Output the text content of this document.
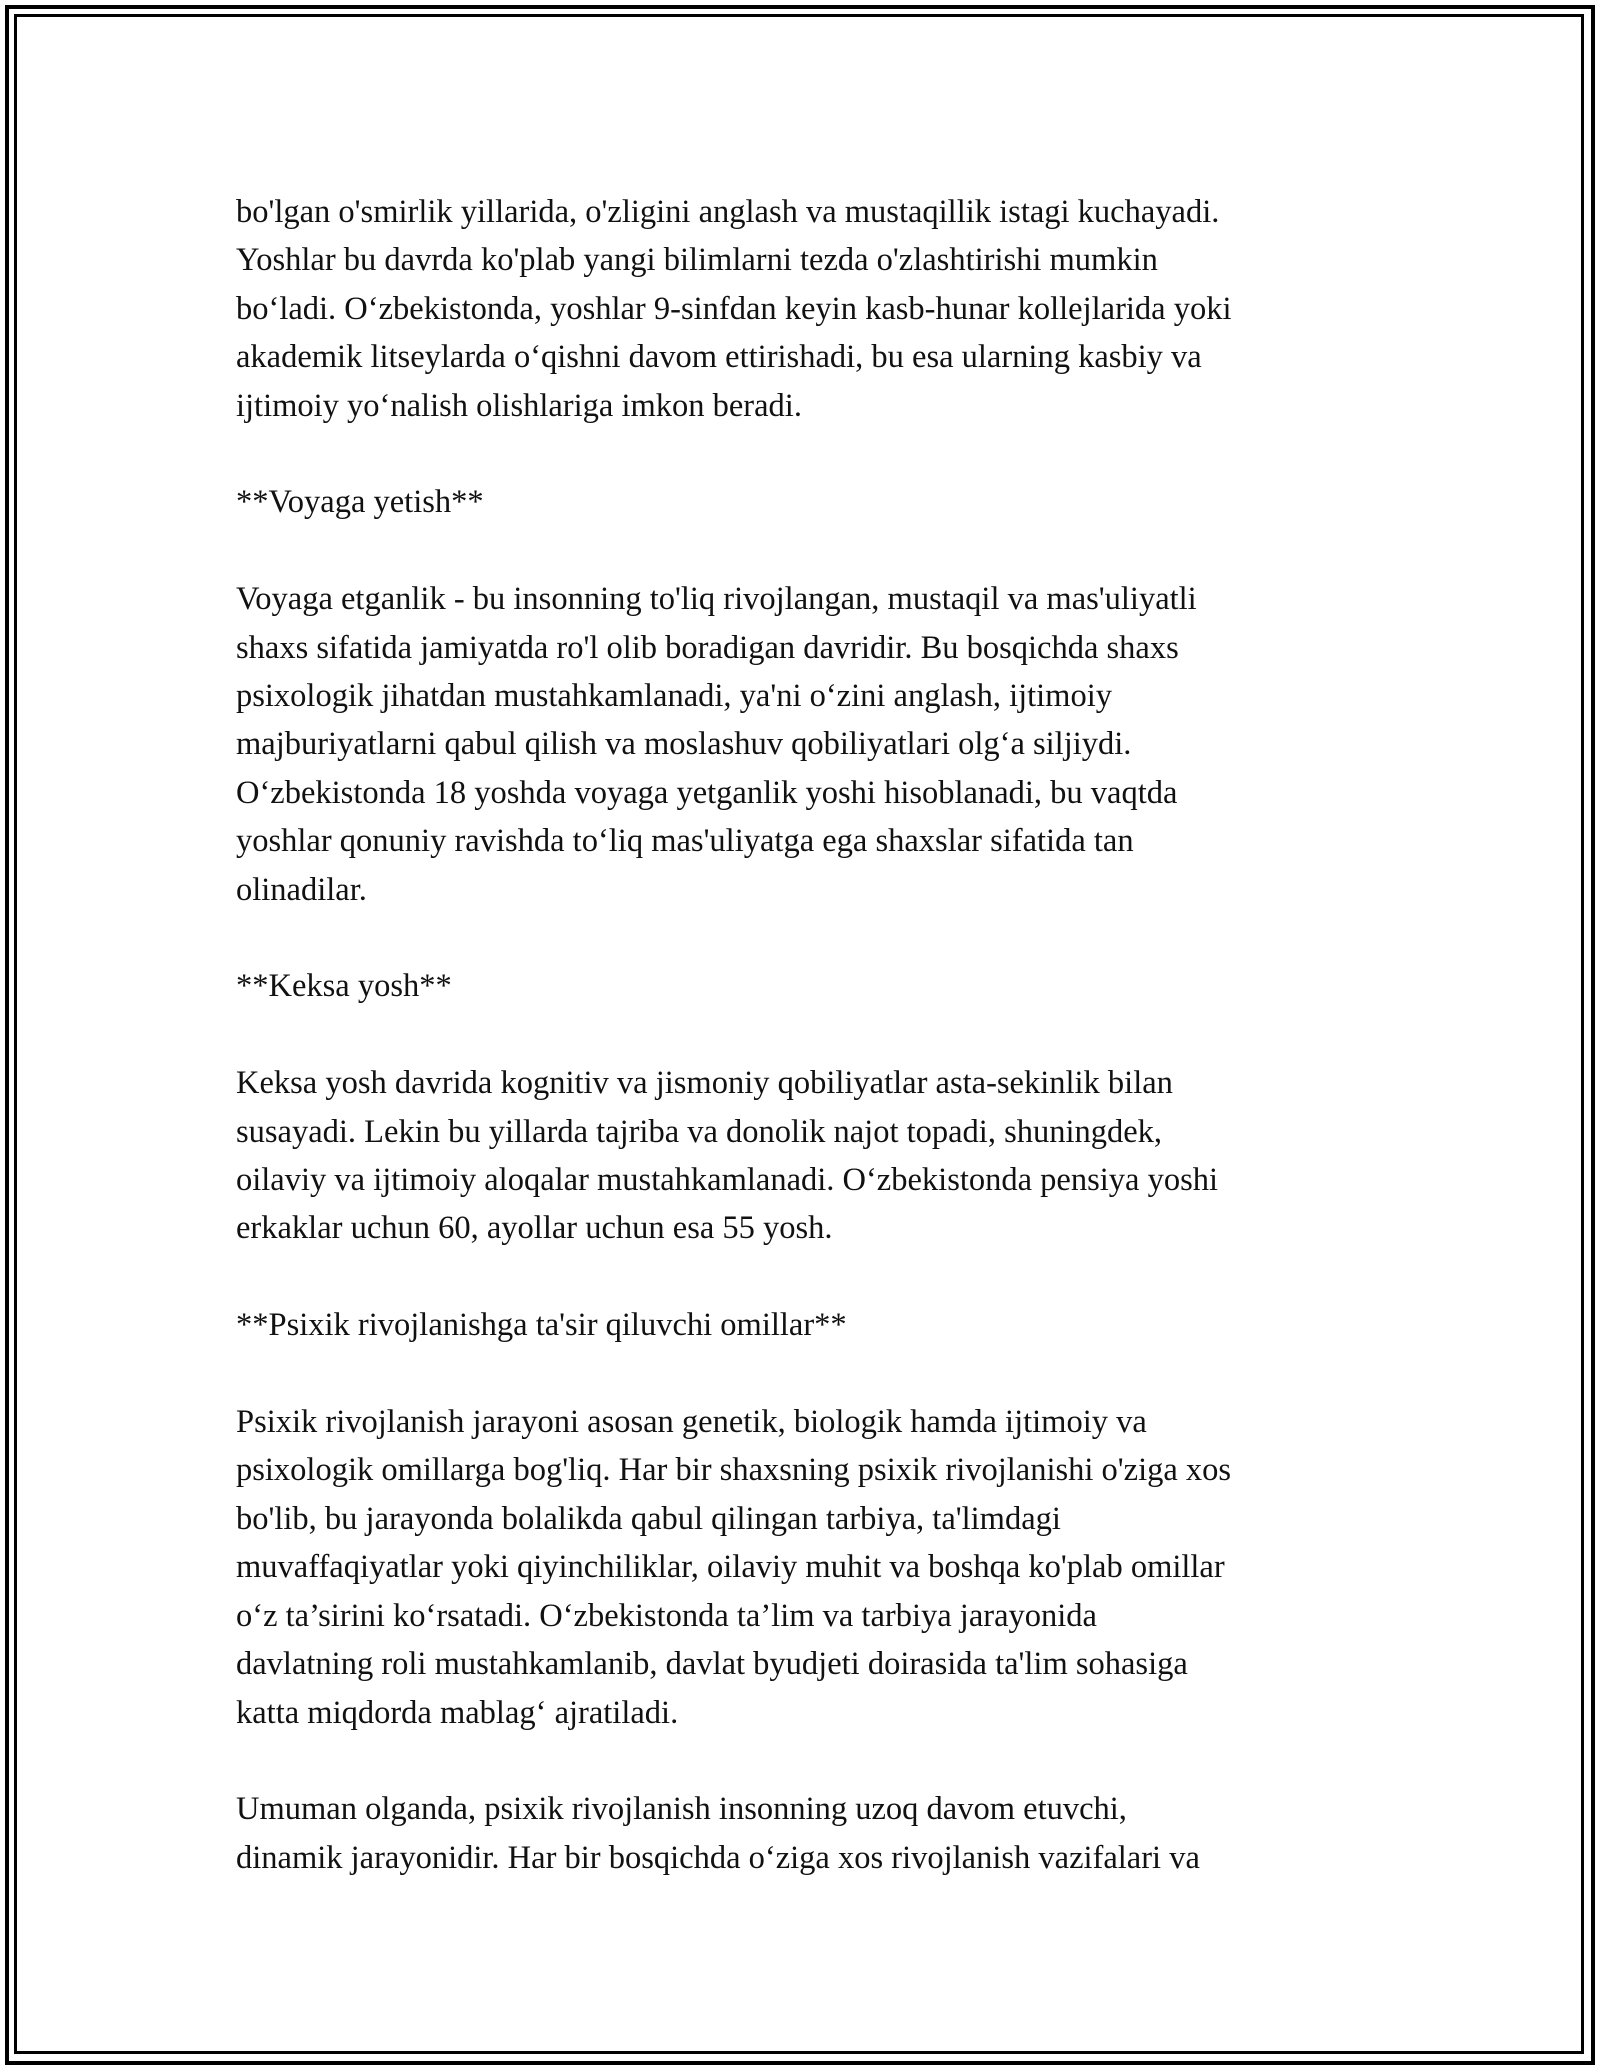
bo'lgan o'smirlik yillarida, o'zligini anglash va mustaqillik istagi kuchayadi.
Yoshlar bu davrda ko'plab yangi bilimlarni tezda o'zlashtirishi mumkin
bo‘ladi. O‘zbekistonda, yoshlar 9-sinfdan keyin kasb-hunar kollejlarida yoki
akademik litseylarda o‘qishni davom ettirishadi, bu esa ularning kasbiy va
ijtimoiy yo‘nalish olishlariga imkon beradi.
**Voyaga yetish**
Voyaga etganlik - bu insonning to'liq rivojlangan, mustaqil va mas'uliyatli
shaxs sifatida jamiyatda ro'l olib boradigan davridir. Bu bosqichda shaxs
psixologik jihatdan mustahkamlanadi, ya'ni o‘zini anglash, ijtimoiy
majburiyatlarni qabul qilish va moslashuv qobiliyatlari olg‘a siljiydi.
O‘zbekistonda 18 yoshda voyaga yetganlik yoshi hisoblanadi, bu vaqtda
yoshlar qonuniy ravishda to‘liq mas'uliyatga ega shaxslar sifatida tan
olinadilar.
**Keksa yosh**
Keksa yosh davrida kognitiv va jismoniy qobiliyatlar asta-sekinlik bilan
susayadi. Lekin bu yillarda tajriba va donolik najot topadi, shuningdek,
oilaviy va ijtimoiy aloqalar mustahkamlanadi. O‘zbekistonda pensiya yoshi
erkaklar uchun 60, ayollar uchun esa 55 yosh.
**Psixik rivojlanishga ta'sir qiluvchi omillar**
Psixik rivojlanish jarayoni asosan genetik, biologik hamda ijtimoiy va
psixologik omillarga bog'liq. Har bir shaxsning psixik rivojlanishi o'ziga xos
bo'lib, bu jarayonda bolalikda qabul qilingan tarbiya, ta'limdagi
muvaffaqiyatlar yoki qiyinchiliklar, oilaviy muhit va boshqa ko'plab omillar
o‘z ta’sirini ko‘rsatadi. O‘zbekistonda ta’lim va tarbiya jarayonida
davlatning roli mustahkamlanib, davlat byudjeti doirasida ta'lim sohasiga
katta miqdorda mablag‘ ajratiladi.
Umuman olganda, psixik rivojlanish insonning uzoq davom etuvchi,
dinamik jarayonidir. Har bir bosqichda o‘ziga xos rivojlanish vazifalari va
